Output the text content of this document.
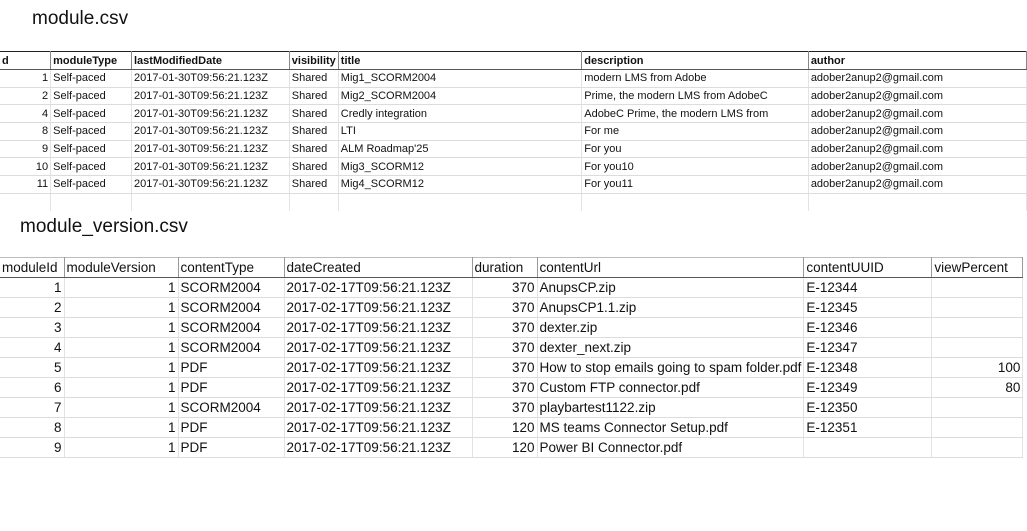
module.csv
d	moduleType	lastModifiedDate	visibility	title	description	author
1	Self-paced	2017-01-30T09:56:21.123Z	Shared	Mig1_SCORM2004	modern LMS from Adobe	adober2anup2@gmail.com
2	Self-paced	2017-01-30T09:56:21.123Z	Shared	Mig2_SCORM2004	Prime, the modern LMS from AdobeC	adober2anup2@gmail.com
4	Self-paced	2017-01-30T09:56:21.123Z	Shared	Credly integration	AdobeC Prime, the modern LMS from	adober2anup2@gmail.com
8	Self-paced	2017-01-30T09:56:21.123Z	Shared	LTI	For me	adober2anup2@gmail.com
9	Self-paced	2017-01-30T09:56:21.123Z	Shared	ALM Roadmap'25	For you	adober2anup2@gmail.com
10	Self-paced	2017-01-30T09:56:21.123Z	Shared	Mig3_SCORM12	For you10	adober2anup2@gmail.com
11	Self-paced	2017-01-30T09:56:21.123Z	Shared	Mig4_SCORM12	For you11	adober2anup2@gmail.com

module_version.csv
moduleId	moduleVersion	contentType	dateCreated	duration	contentUrl	contentUUID	viewPercent
1	1	SCORM2004	2017-02-17T09:56:21.123Z	370	AnupsCP.zip	E-12344	
2	1	SCORM2004	2017-02-17T09:56:21.123Z	370	AnupsCP1.1.zip	E-12345	
3	1	SCORM2004	2017-02-17T09:56:21.123Z	370	dexter.zip	E-12346	
4	1	SCORM2004	2017-02-17T09:56:21.123Z	370	dexter_next.zip	E-12347	
5	1	PDF	2017-02-17T09:56:21.123Z	370	How to stop emails going to spam folder.pdf	E-12348	100
6	1	PDF	2017-02-17T09:56:21.123Z	370	Custom FTP connector.pdf	E-12349	80
7	1	SCORM2004	2017-02-17T09:56:21.123Z	370	playbartest1122.zip	E-12350	
8	1	PDF	2017-02-17T09:56:21.123Z	120	MS teams Connector Setup.pdf	E-12351	
9	1	PDF	2017-02-17T09:56:21.123Z	120	Power BI Connector.pdf		
